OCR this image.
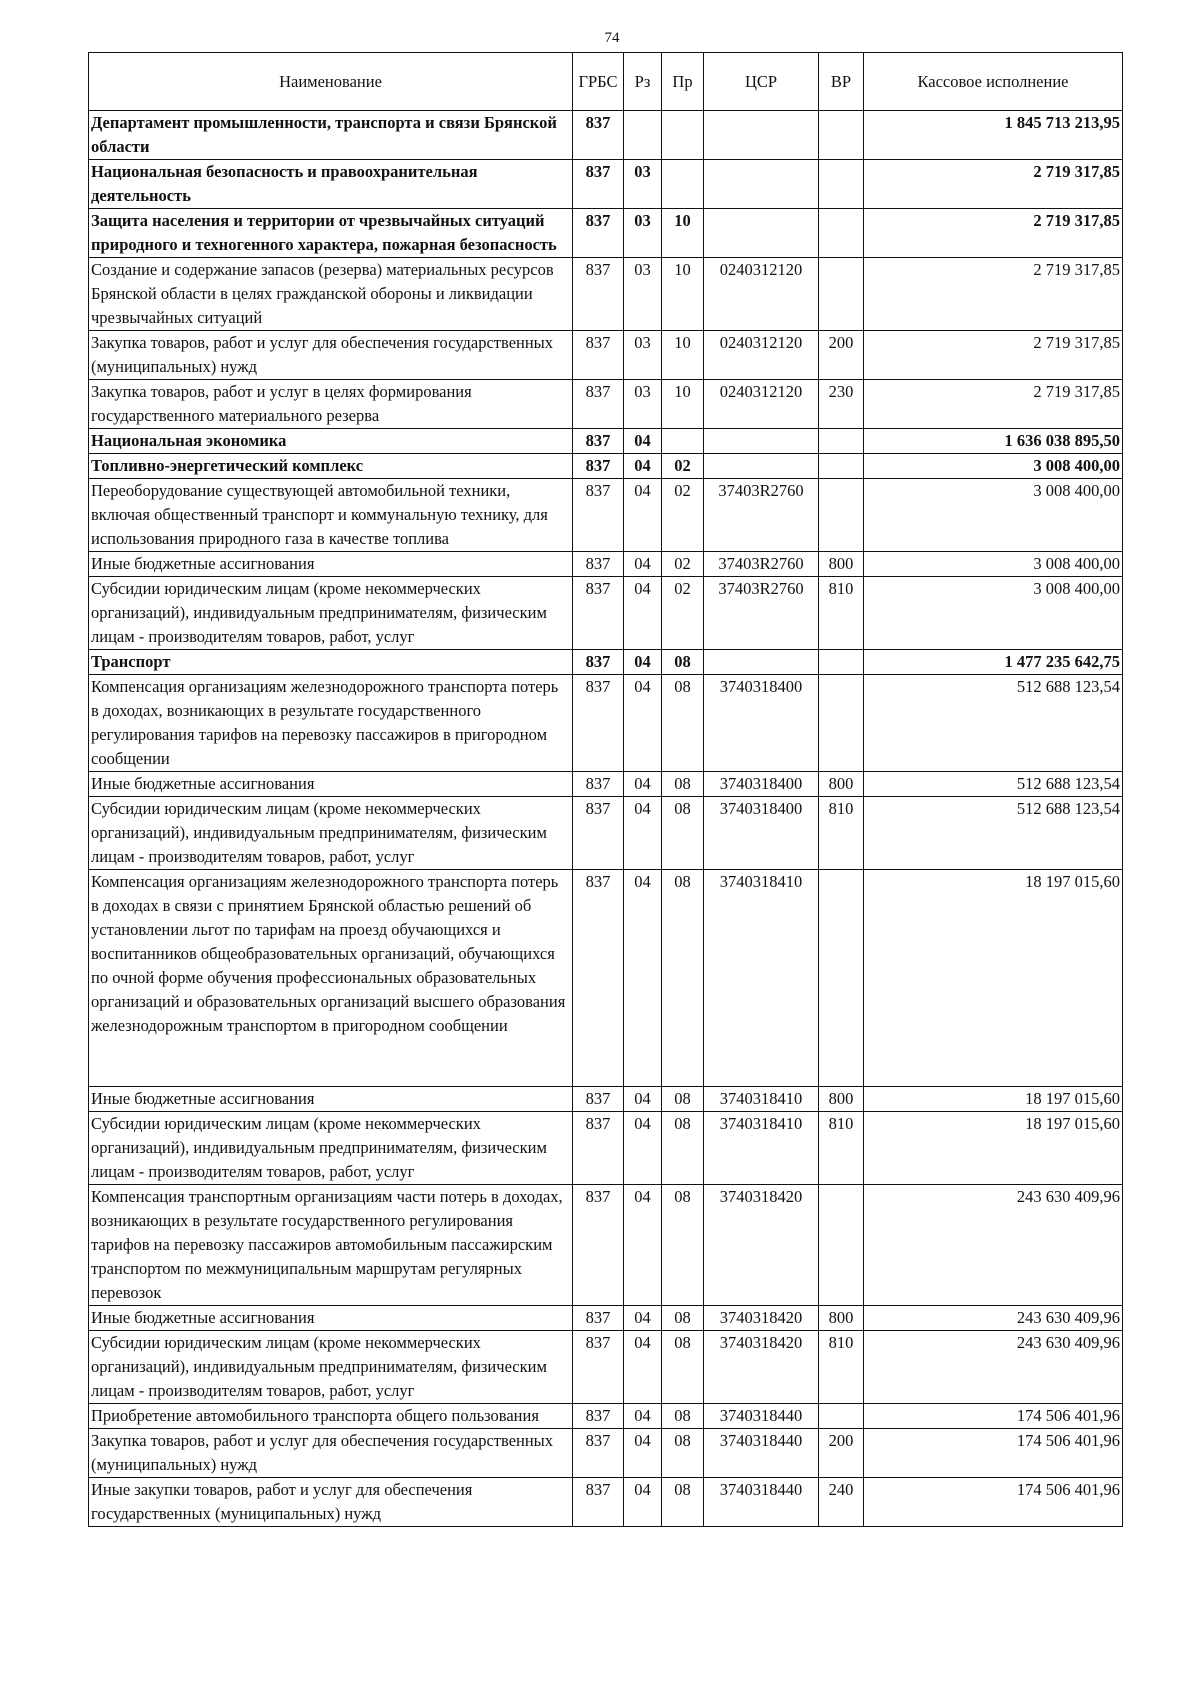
74
Наименование	ГРБС	Рз	Пр	ЦСР	ВР	Кассовое исполнение
Департамент промышленности, транспорта и связи Брянской области	837					1 845 713 213,95
Национальная безопасность и правоохранительная деятельность	837	03				2 719 317,85
Защита населения и территории от чрезвычайных ситуаций природного и техногенного характера, пожарная безопасность	837	03	10			2 719 317,85
Создание и содержание запасов (резерва) материальных ресурсов Брянской области в целях гражданской обороны и ликвидации чрезвычайных ситуаций	837	03	10	0240312120		2 719 317,85
Закупка товаров, работ и услуг для обеспечения государственных (муниципальных) нужд	837	03	10	0240312120	200	2 719 317,85
Закупка товаров, работ и услуг в целях формирования государственного материального резерва	837	03	10	0240312120	230	2 719 317,85
Национальная экономика	837	04				1 636 038 895,50
Топливно-энергетический комплекс	837	04	02			3 008 400,00
Переоборудование существующей автомобильной техники, включая общественный транспорт и коммунальную технику, для использования природного газа в качестве топлива	837	04	02	37403R2760		3 008 400,00
Иные бюджетные ассигнования	837	04	02	37403R2760	800	3 008 400,00
Субсидии юридическим лицам (кроме некоммерческих организаций), индивидуальным предпринимателям, физическим лицам - производителям товаров, работ, услуг	837	04	02	37403R2760	810	3 008 400,00
Транспорт	837	04	08			1 477 235 642,75
Компенсация организациям железнодорожного транспорта потерь в доходах, возникающих в результате государственного регулирования тарифов на перевозку пассажиров в пригородном сообщении	837	04	08	3740318400		512 688 123,54
Иные бюджетные ассигнования	837	04	08	3740318400	800	512 688 123,54
Субсидии юридическим лицам (кроме некоммерческих организаций), индивидуальным предпринимателям, физическим лицам - производителям товаров, работ, услуг	837	04	08	3740318400	810	512 688 123,54
Компенсация организациям железнодорожного транспорта потерь в доходах в связи с принятием Брянской областью решений об установлении льгот по тарифам на проезд обучающихся и воспитанников общеобразовательных организаций, обучающихся по очной форме обучения профессиональных образовательных организаций и образовательных организаций высшего образования железнодорожным транспортом в пригородном сообщении	837	04	08	3740318410		18 197 015,60
Иные бюджетные ассигнования	837	04	08	3740318410	800	18 197 015,60
Субсидии юридическим лицам (кроме некоммерческих организаций), индивидуальным предпринимателям, физическим лицам - производителям товаров, работ, услуг	837	04	08	3740318410	810	18 197 015,60
Компенсация транспортным организациям части потерь в доходах, возникающих в результате государственного регулирования тарифов на перевозку пассажиров автомобильным пассажирским транспортом по межмуниципальным маршрутам регулярных перевозок	837	04	08	3740318420		243 630 409,96
Иные бюджетные ассигнования	837	04	08	3740318420	800	243 630 409,96
Субсидии юридическим лицам (кроме некоммерческих организаций), индивидуальным предпринимателям, физическим лицам - производителям товаров, работ, услуг	837	04	08	3740318420	810	243 630 409,96
Приобретение автомобильного транспорта общего пользования	837	04	08	3740318440		174 506 401,96
Закупка товаров, работ и услуг для обеспечения государственных (муниципальных) нужд	837	04	08	3740318440	200	174 506 401,96
Иные закупки товаров, работ и услуг для обеспечения государственных (муниципальных) нужд	837	04	08	3740318440	240	174 506 401,96
